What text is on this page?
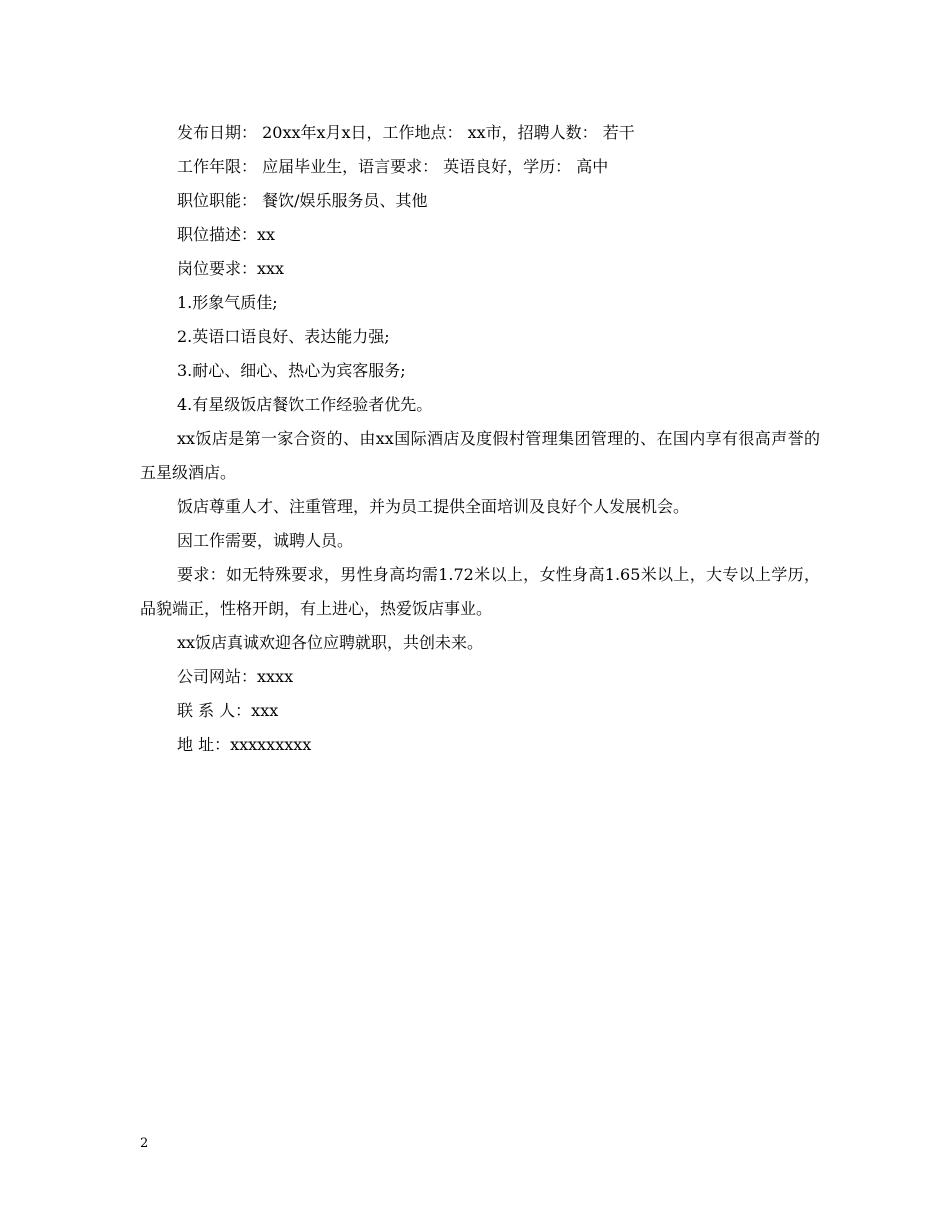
发布日期： 20xx年x月x日，工作地点： xx市，招聘人数： 若干

工作年限： 应届毕业生，语言要求： 英语良好，学历： 高中

职位职能： 餐饮/娱乐服务员、其他

职位描述：xx

岗位要求：xxx

1.形象气质佳;

2.英语口语良好、表达能力强;

3.耐心、细心、热心为宾客服务;

4.有星级饭店餐饮工作经验者优先。

xx饭店是第一家合资的、由xx国际酒店及度假村管理集团管理的、在国内享有很高声誉的五星级酒店。

饭店尊重人才、注重管理，并为员工提供全面培训及良好个人发展机会。

因工作需要，诚聘人员。

要求：如无特殊要求，男性身高均需1.72米以上，女性身高1.65米以上，大专以上学历，品貌端正，性格开朗，有上进心，热爱饭店事业。

xx饭店真诚欢迎各位应聘就职，共创未来。

公司网站：xxxx

联 系 人：xxx

地 址：xxxxxxxxx

2
